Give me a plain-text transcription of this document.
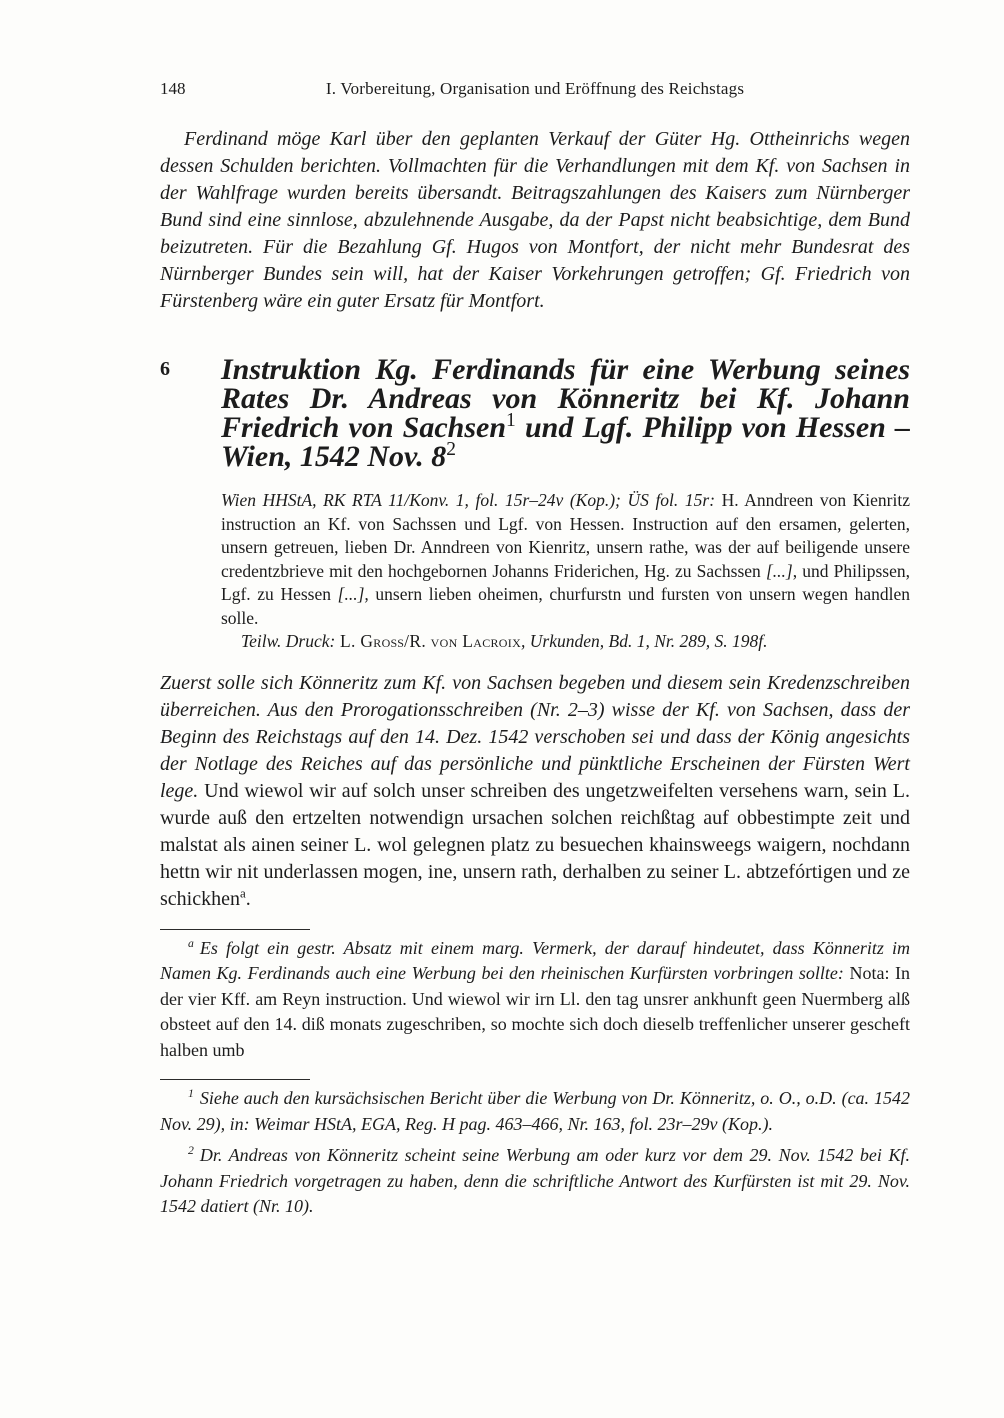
148	I. Vorbereitung, Organisation und Eröffnung des Reichstags

Ferdinand möge Karl über den geplanten Verkauf der Güter Hg. Ottheinrichs wegen dessen Schulden berichten. Vollmachten für die Verhandlungen mit dem Kf. von Sachsen in der Wahlfrage wurden bereits übersandt. Beitragszahlungen des Kaisers zum Nürnberger Bund sind eine sinnlose, abzulehnende Ausgabe, da der Papst nicht beabsichtige, dem Bund beizutreten. Für die Bezahlung Gf. Hugos von Montfort, der nicht mehr Bundesrat des Nürnberger Bundes sein will, hat der Kaiser Vorkehrungen getroffen; Gf. Friedrich von Fürstenberg wäre ein guter Ersatz für Montfort.

6 Instruktion Kg. Ferdinands für eine Werbung seines Rates Dr. Andreas von Könneritz bei Kf. Johann Friedrich von Sachsen$^1$ und Lgf. Philipp von Hessen – Wien, 1542 Nov. 8$^2$

Wien HHStA, RK RTA 11/Konv. 1, fol. 15r–24v (Kop.); ÜS fol. 15r: H. Anndreen von Kienritz instruction an Kf. von Sachssen und Lgf. von Hessen. Instruction auf den ersamen, gelerten, unsern getreuen, lieben Dr. Anndreen von Kienritz, unsern rathe, was der auf beiligende unsere credentzbrieve mit den hochgebornen Johanns Friderichen, Hg. zu Sachssen [...], und Philipssen, Lgf. zu Hessen [...], unsern lieben oheimen, churfurstn und fursten von unsern wegen handlen solle.

Teilw. Druck: L. Groß/R. von Lacroix, Urkunden, Bd. 1, Nr. 289, S. 198f.

Zuerst solle sich Könneritz zum Kf. von Sachsen begeben und diesem sein Kredenzschreiben überreichen. Aus den Prorogationsschreiben (Nr. 2–3) wisse der Kf. von Sachsen, dass der Beginn des Reichstags auf den 14. Dez. 1542 verschoben sei und dass der König angesichts der Notlage des Reiches auf das persönliche und pünktliche Erscheinen der Fürsten Wert lege. Und wiewol wir auf solch unser schreiben des ungetzweifelten versehens warn, sein L. wurde auß den ertzelten notwendign ursachen solchen reichßtag auf obbestimpte zeit und malstat als ainen seiner L. wol gelegnen platz zu besuechen khainsweegs waigern, nochdann hettn wir nit underlassen mogen, ine, unsern rath, derhalben zu seiner L. abtzefórtigen und ze schickhen$^a$.

$^a$ Es folgt ein gestr. Absatz mit einem marg. Vermerk, der darauf hindeutet, dass Könneritz im Namen Kg. Ferdinands auch eine Werbung bei den rheinischen Kurfürsten vorbringen sollte: Nota: In der vier Kff. am Reyn instruction. Und wiewol wir irn Ll. den tag unsrer ankhunft geen Nuermberg alß obsteet auf den 14. diß monats zugeschriben, so mochte sich doch dieselb treffenlicher unserer gescheft halben umb

$^1$ Siehe auch den kursächsischen Bericht über die Werbung von Dr. Könneritz, o. O., o.D. (ca. 1542 Nov. 29), in: Weimar HStA, EGA, Reg. H pag. 463–466, Nr. 163, fol. 23r–29v (Kop.).

$^2$ Dr. Andreas von Könneritz scheint seine Werbung am oder kurz vor dem 29. Nov. 1542 bei Kf. Johann Friedrich vorgetragen zu haben, denn die schriftliche Antwort des Kurfürsten ist mit 29. Nov. 1542 datiert (Nr. 10).
